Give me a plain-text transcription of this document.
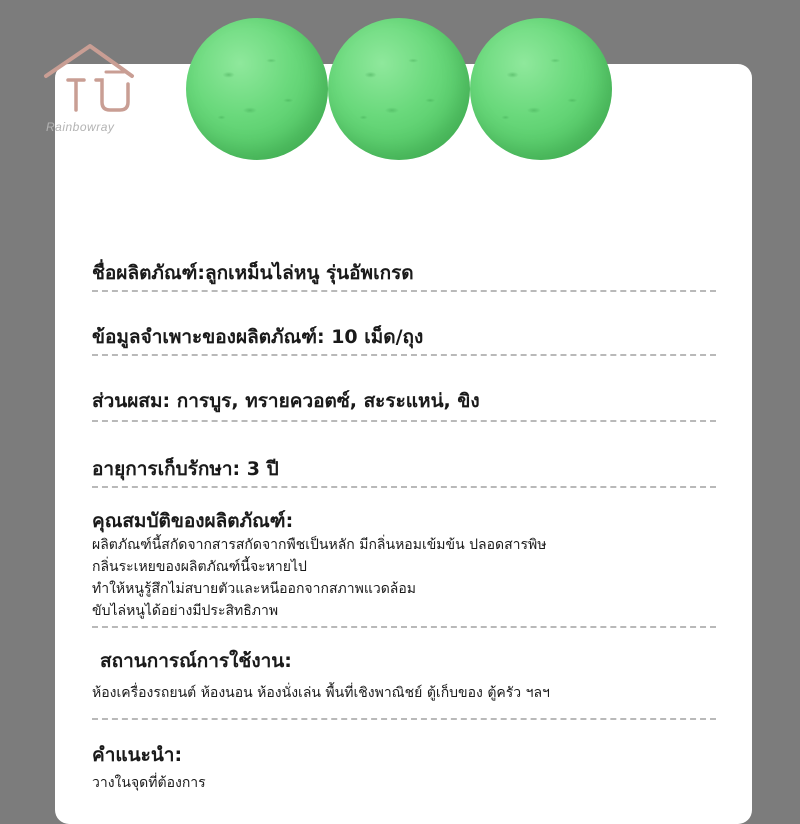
Rainbowray
ชื่อผลิตภัณฑ์:ลูกเหม็นไล่หนู รุ่นอัพเกรด
ข้อมูลจำเพาะของผลิตภัณฑ์: 10 เม็ด/ถุง
ส่วนผสม: การบูร, ทรายควอตซ์, สะระแหน่, ขิง
อายุการเก็บรักษา: 3 ปี
คุณสมบัติของผลิตภัณฑ์:
ผลิตภัณฑ์นี้สกัดจากสารสกัดจากพืชเป็นหลัก มีกลิ่นหอมเข้มข้น ปลอดสารพิษ
กลิ่นระเหยของผลิตภัณฑ์นี้จะหายไป
ทำให้หนูรู้สึกไม่สบายตัวและหนีออกจากสภาพแวดล้อม
ขับไล่หนูได้อย่างมีประสิทธิภาพ
สถานการณ์การใช้งาน:
ห้องเครื่องรถยนต์ ห้องนอน ห้องนั่งเล่น พื้นที่เชิงพาณิชย์ ตู้เก็บของ ตู้ครัว ฯลฯ
คำแนะนำ:
วางในจุดที่ต้องการ
